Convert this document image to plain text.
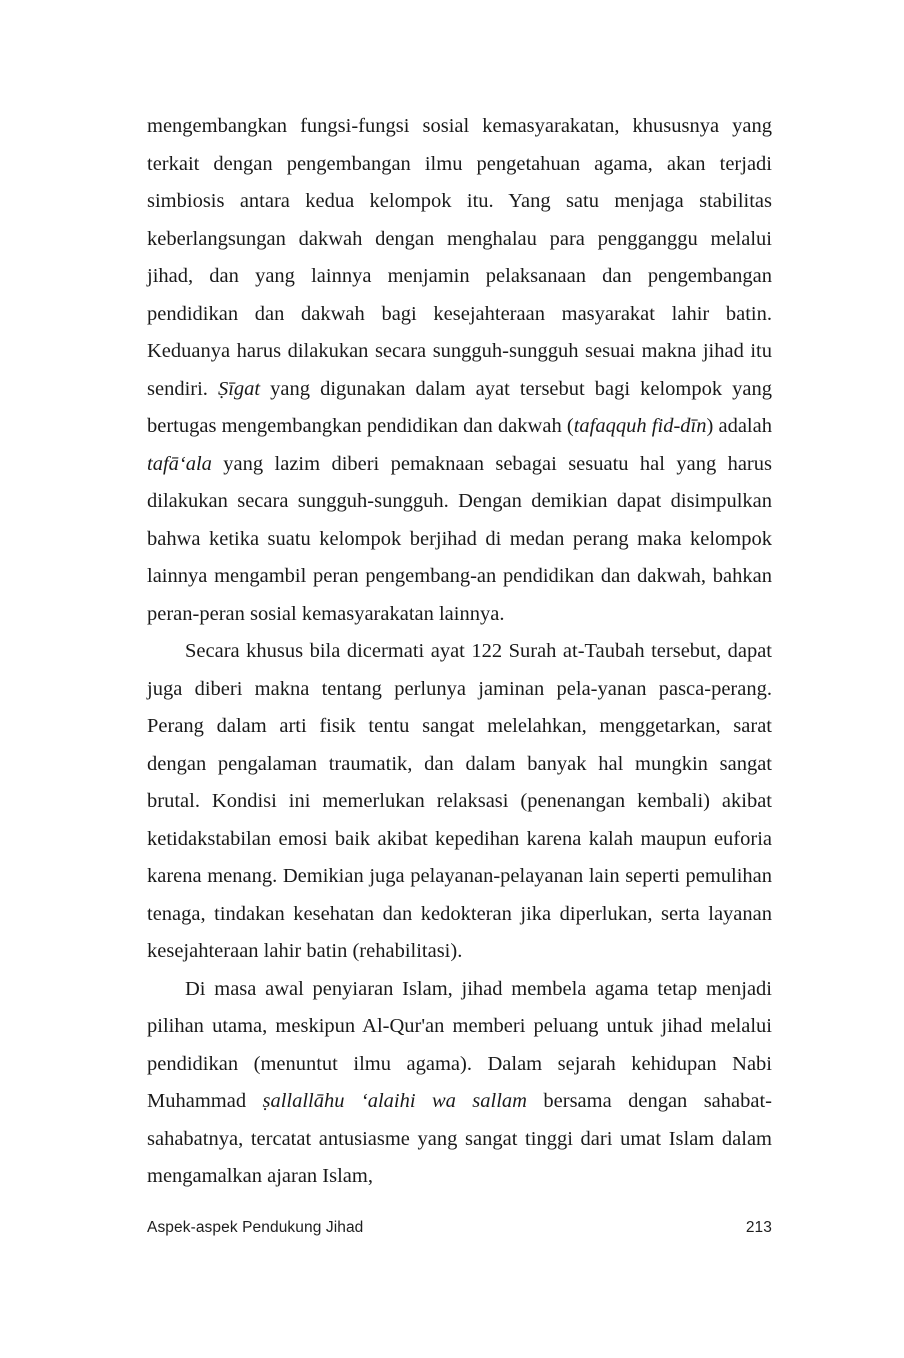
mengembangkan fungsi-fungsi sosial kemasyarakatan, khususnya yang terkait dengan pengembangan ilmu pengetahuan agama, akan terjadi simbiosis antara kedua kelompok itu. Yang satu menjaga stabilitas keberlangsungan dakwah dengan menghalau para pengganggu melalui jihad, dan yang lainnya menjamin pelaksanaan dan pengembangan pendidikan dan dakwah bagi kesejahteraan masyarakat lahir batin. Keduanya harus dilakukan secara sungguh-sungguh sesuai makna jihad itu sendiri. Ṣīgat yang digunakan dalam ayat tersebut bagi kelompok yang bertugas mengembangkan pendidikan dan dakwah (tafaqquh fid-dīn) adalah tafā‘ala yang lazim diberi pemaknaan sebagai sesuatu hal yang harus dilakukan secara sungguh-sungguh. Dengan demikian dapat disimpulkan bahwa ketika suatu kelompok berjihad di medan perang maka kelompok lainnya mengambil peran pengembang-an pendidikan dan dakwah, bahkan peran-peran sosial kemasyarakatan lainnya.

Secara khusus bila dicermati ayat 122 Surah at-Taubah tersebut, dapat juga diberi makna tentang perlunya jaminan pela-yanan pasca-perang. Perang dalam arti fisik tentu sangat melelahkan, menggetarkan, sarat dengan pengalaman traumatik, dan dalam banyak hal mungkin sangat brutal. Kondisi ini memerlukan relaksasi (penenangan kembali) akibat ketidakstabilan emosi baik akibat kepedihan karena kalah maupun euforia karena menang. Demikian juga pelayanan-pelayanan lain seperti pemulihan tenaga, tindakan kesehatan dan kedokteran jika diperlukan, serta layanan kesejahteraan lahir batin (rehabilitasi).

Di masa awal penyiaran Islam, jihad membela agama tetap menjadi pilihan utama, meskipun Al-Qur'an memberi peluang untuk jihad melalui pendidikan (menuntut ilmu agama). Dalam sejarah kehidupan Nabi Muhammad ṣallallāhu ‘alaihi wa sallam bersama dengan sahabat-sahabatnya, tercatat antusiasme yang sangat tinggi dari umat Islam dalam mengamalkan ajaran Islam,

Aspek-aspek Pendukung Jihad	213
